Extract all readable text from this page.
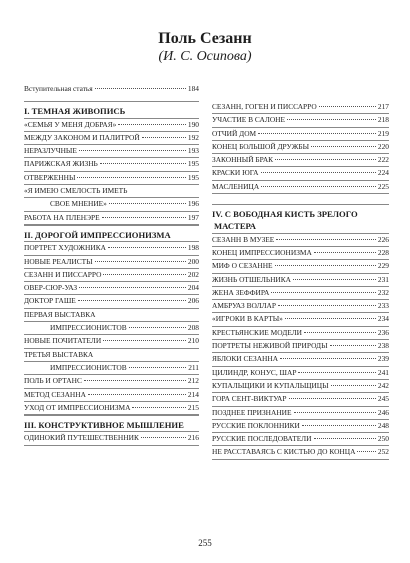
Поль Сезанн
(И. С. Осипова)
Вступительная статья	184
I. ТЕМНАЯ ЖИВОПИСЬ
«СЕМЬЯ У МЕНЯ ДОБРАЯ»	190
МЕЖДУ ЗАКОНОМ И ПАЛИТРОЙ	192
НЕРАЗЛУЧНЫЕ	193
ПАРИЖСКАЯ ЖИЗНЬ	195
ОТВЕРЖЕННЫ	195
«Я ИМЕЮ СМЕЛОСТЬ ИМЕТЬ
СВОЕ МНЕНИЕ»	196
РАБОТА НА ПЛЕНЭРЕ	197
II. ДОРОГОЙ ИМПРЕССИОНИЗМА
ПОРТРЕТ ХУДОЖНИКА	198
НОВЫЕ РЕАЛИСТЫ	200
СЕЗАНН И ПИССАРРО	202
ОВЕР-СЮР-УАЗ	204
ДОКТОР ГАШЕ	206
ПЕРВАЯ ВЫСТАВКА
ИМПРЕССИОНИСТОВ	208
НОВЫЕ ПОЧИТАТЕЛИ	210
ТРЕТЬЯ ВЫСТАВКА
ИМПРЕССИОНИСТОВ	211
ПОЛЬ И ОРТАНС	212
МЕТОД СЕЗАННА	214
УХОД ОТ ИМПРЕССИОНИЗМА	215
III. КОНСТРУКТИВНОЕ МЫШЛЕНИЕ
ОДИНОКИЙ ПУТЕШЕСТВЕННИК	216
СЕЗАНН, ГОГЕН И ПИССАРРО	217
УЧАСТИЕ В САЛОНЕ	218
ОТЧИЙ ДОМ	219
КОНЕЦ БОЛЬШОЙ ДРУЖБЫ	220
ЗАКОННЫЙ БРАК	222
КРАСКИ ЮГА	224
МАСЛЕНИЦА	225
IV. С ВОБОДНАЯ КИСТЬ ЗРЕЛОГО
МАСТЕРА
СЕЗАНН В МУЗЕЕ	226
КОНЕЦ ИМПРЕССИОНИЗМА	228
МИФ О СЕЗАННЕ	229
ЖИЗНЬ ОТШЕЛЬНИКА	231
ЖЕНА ЗЕФФИРА	232
АМБРУАЗ ВОЛЛАР	233
«ИГРОКИ В КАРТЫ»	234
КРЕСТЬЯНСКИЕ МОДЕЛИ	236
ПОРТРЕТЫ НЕЖИВОЙ ПРИРОДЫ	238
ЯБЛОКИ СЕЗАННА	239
ЦИЛИНДР, КОНУС, ШАР	241
КУПАЛЬЩИКИ И КУПАЛЬЩИЦЫ	242
ГОРА СЕНТ-ВИКТУАР	245
ПОЗДНЕЕ ПРИЗНАНИЕ	246
РУССКИЕ ПОКЛОННИКИ	248
РУССКИЕ ПОСЛЕДОВАТЕЛИ	250
НЕ РАССТАВАЯСЬ С КИСТЬЮ ДО КОНЦА	252
255
